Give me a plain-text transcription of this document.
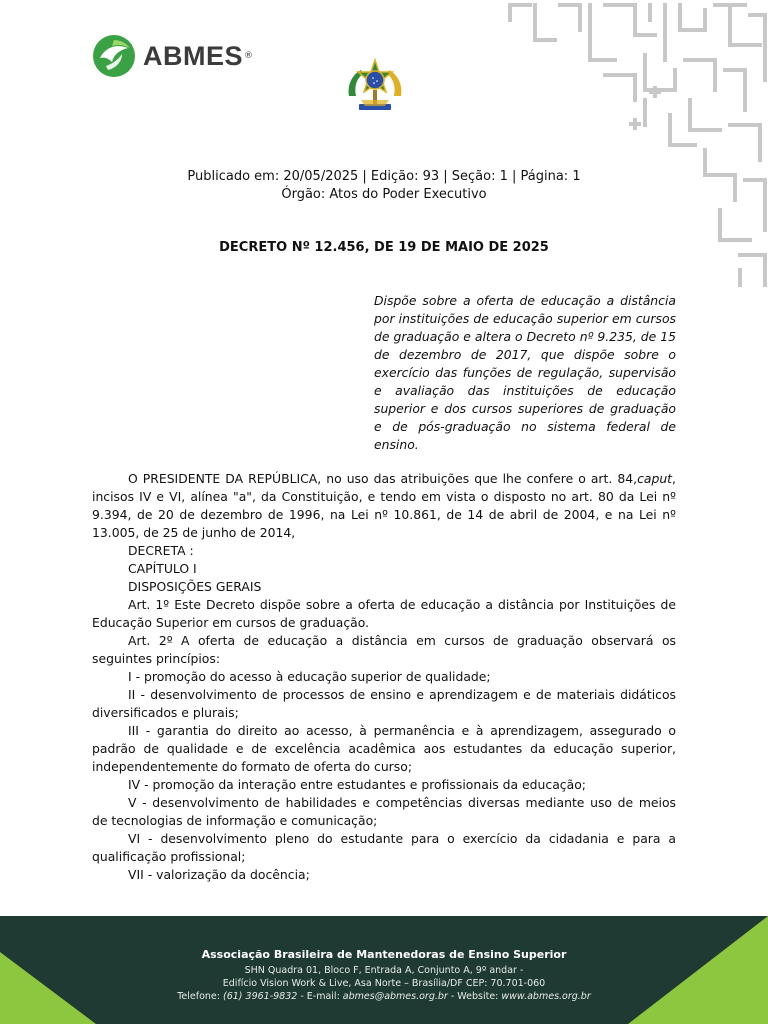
ABMES ®
Publicado em: 20/05/2025 | Edição: 93 | Seção: 1 | Página: 1
Órgão: Atos do Poder Executivo
DECRETO Nº 12.456, DE 19 DE MAIO DE 2025
Dispõe sobre a oferta de educação a distância por instituições de educação superior em cursos de graduação e altera o Decreto nº 9.235, de 15 de dezembro de 2017, que dispõe sobre o exercício das funções de regulação, supervisão e avaliação das instituições de educação superior e dos cursos superiores de graduação e de pós-graduação no sistema federal de ensino.

O PRESIDENTE DA REPÚBLICA, no uso das atribuições que lhe confere o art. 84,caput, incisos IV e VI, alínea "a", da Constituição, e tendo em vista o disposto no art. 80 da Lei nº 9.394, de 20 de dezembro de 1996, na Lei nº 10.861, de 14 de abril de 2004, e na Lei nº 13.005, de 25 de junho de 2014,

DECRETA :

CAPÍTULO I

DISPOSIÇÕES GERAIS

Art. 1º Este Decreto dispõe sobre a oferta de educação a distância por Instituições de Educação Superior em cursos de graduação.

Art. 2º A oferta de educação a distância em cursos de graduação observará os seguintes princípios:

I - promoção do acesso à educação superior de qualidade;

II - desenvolvimento de processos de ensino e aprendizagem e de materiais didáticos diversificados e plurais;

III - garantia do direito ao acesso, à permanência e à aprendizagem, assegurado o padrão de qualidade e de excelência acadêmica aos estudantes da educação superior, independentemente do formato de oferta do curso;

IV - promoção da interação entre estudantes e profissionais da educação;

V - desenvolvimento de habilidades e competências diversas mediante uso de meios de tecnologias de informação e comunicação;

VI - desenvolvimento pleno do estudante para o exercício da cidadania e para a qualificação profissional;

VII - valorização da docência;

Associação Brasileira de Mantenedoras de Ensino Superior
SHN Quadra 01, Bloco F, Entrada A, Conjunto A, 9º andar -
Edifício Vision Work & Live, Asa Norte – Brasília/DF CEP: 70.701-060
Telefone: (61) 3961-9832 - E-mail: abmes@abmes.org.br - Website: www.abmes.org.br
